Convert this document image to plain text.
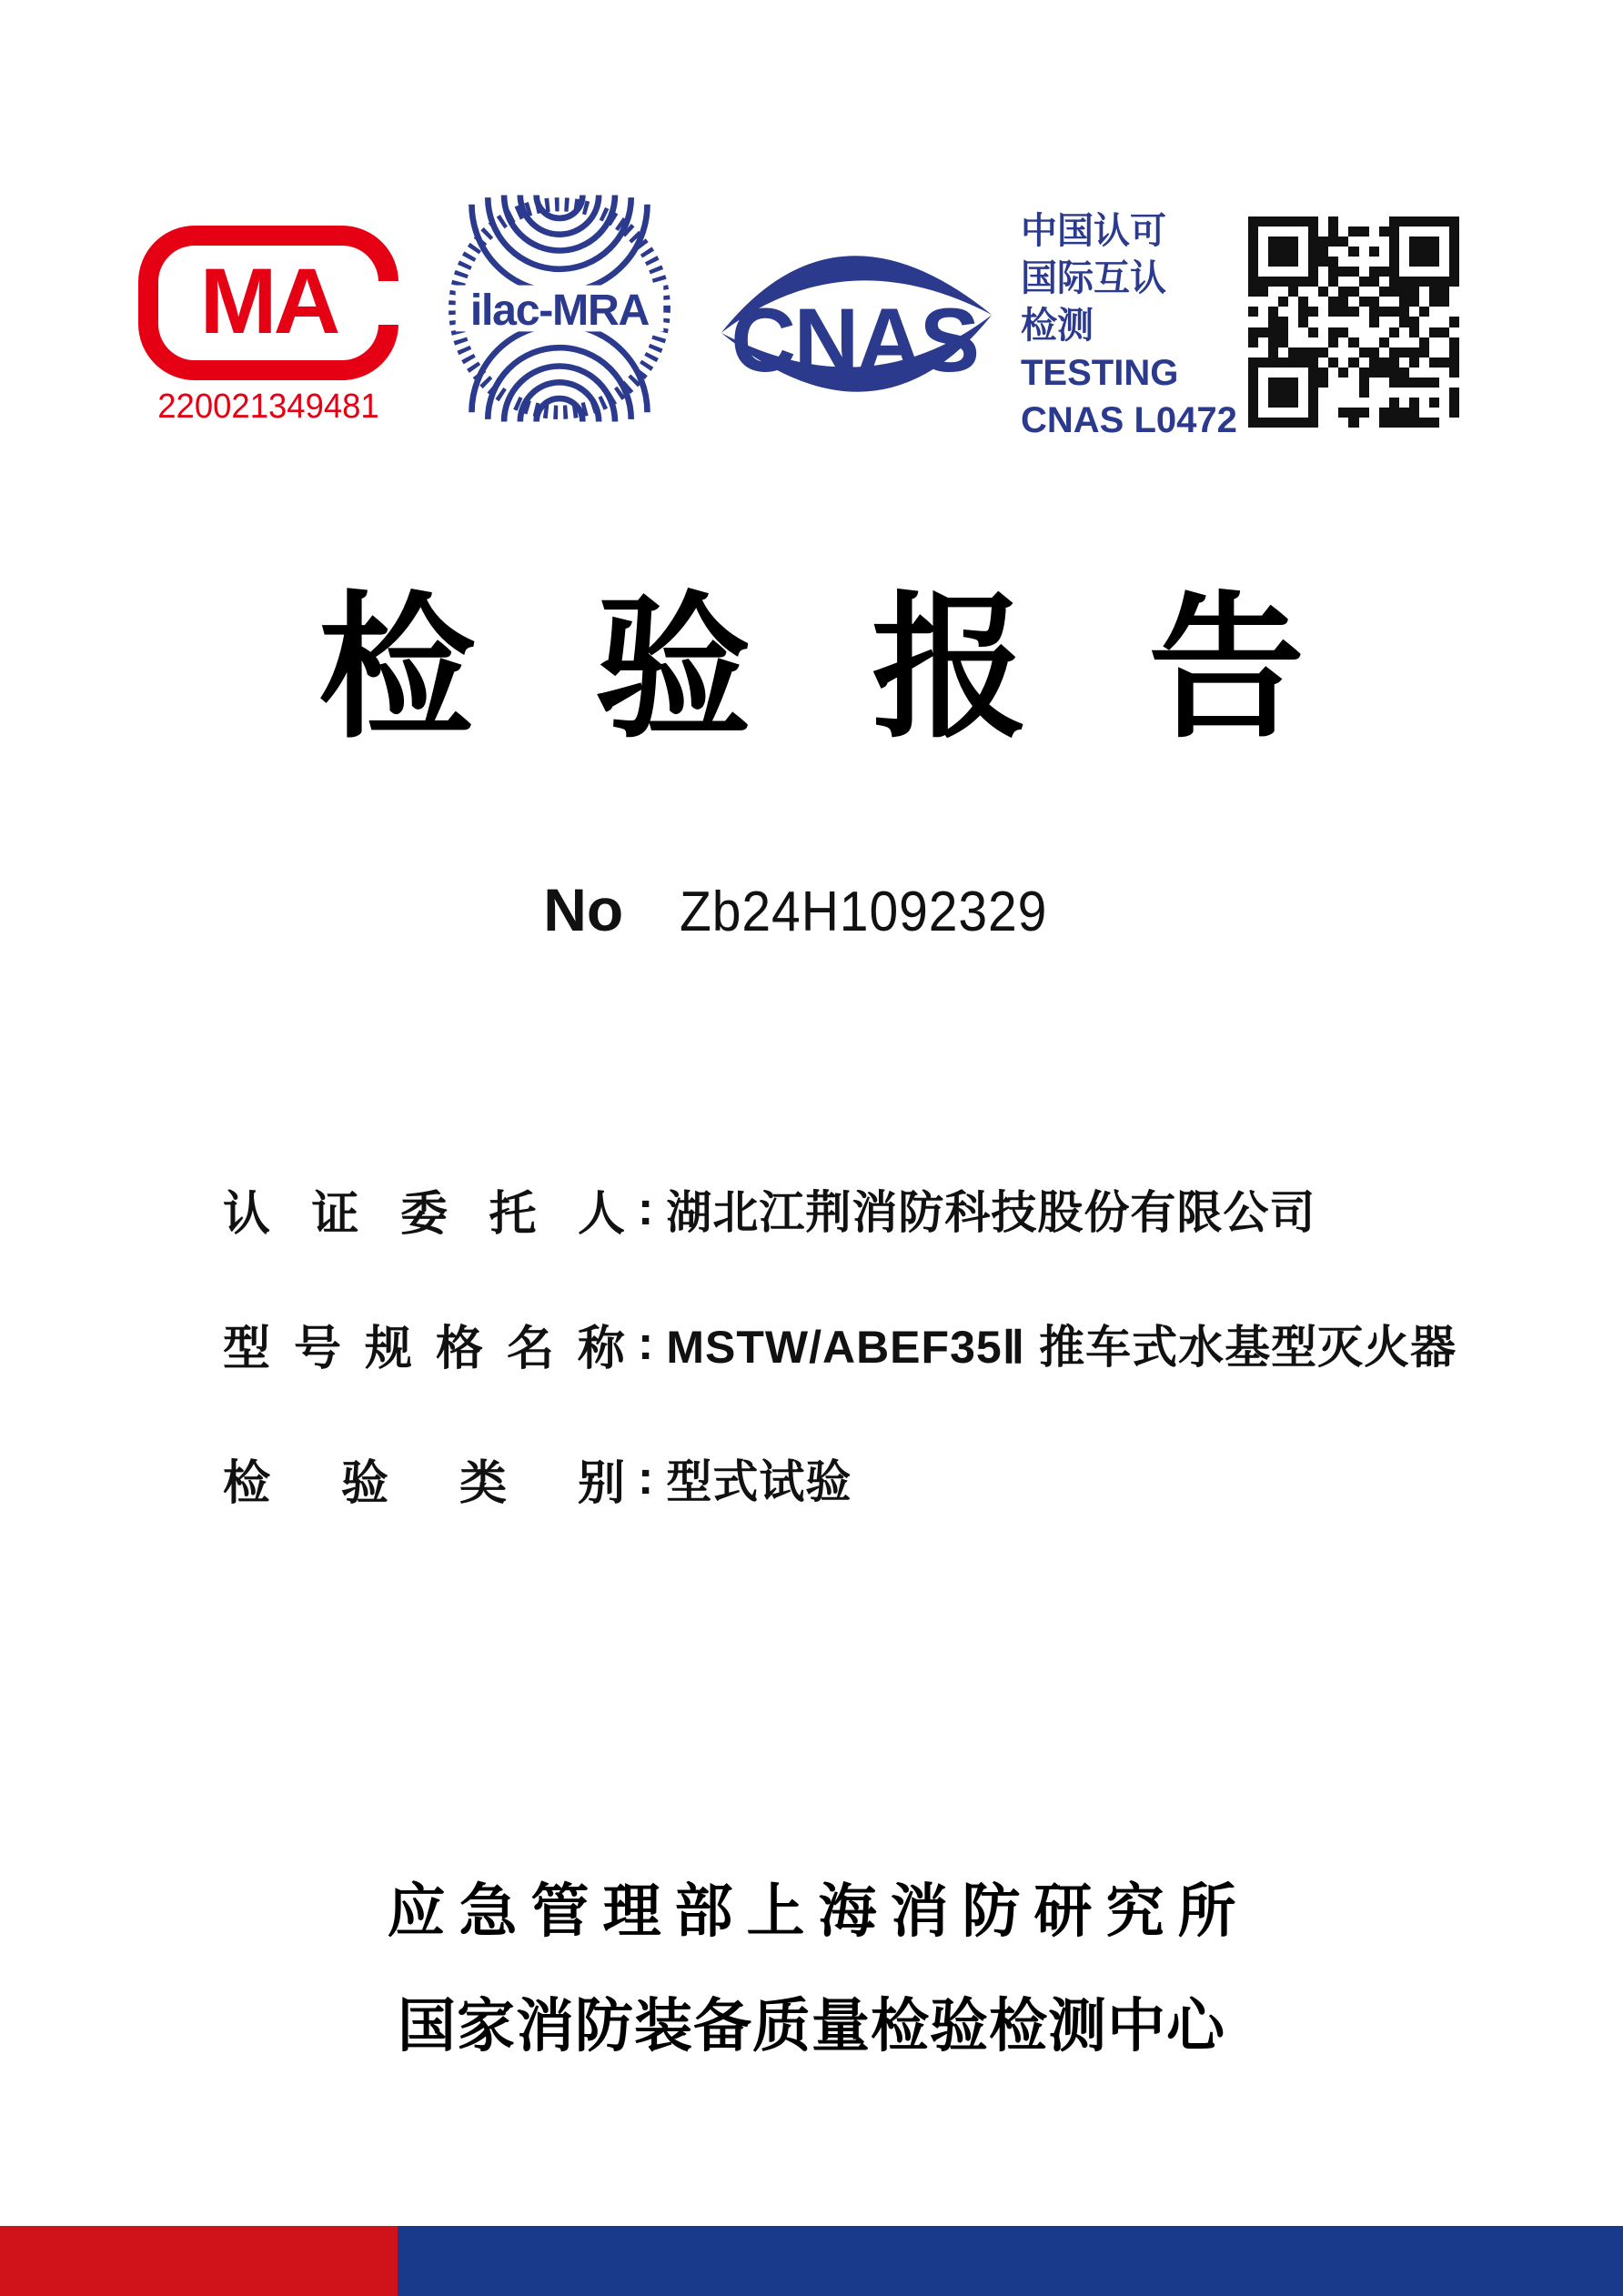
MA
220021349481
ilac-MRA CNAS
中国认可
国际互认
检测
TESTING
CNAS L0472
检验报告
No Zb24H1092329
认 证 委 托 人 : 湖北江荆消防科技股份有限公司
型 号 规 格 名 称 : MSTW/ABEF35Ⅱ 推车式水基型灭火器
检 验 类 别 : 型式试验
应急管理部上海消防研究所
国家消防装备质量检验检测中心
